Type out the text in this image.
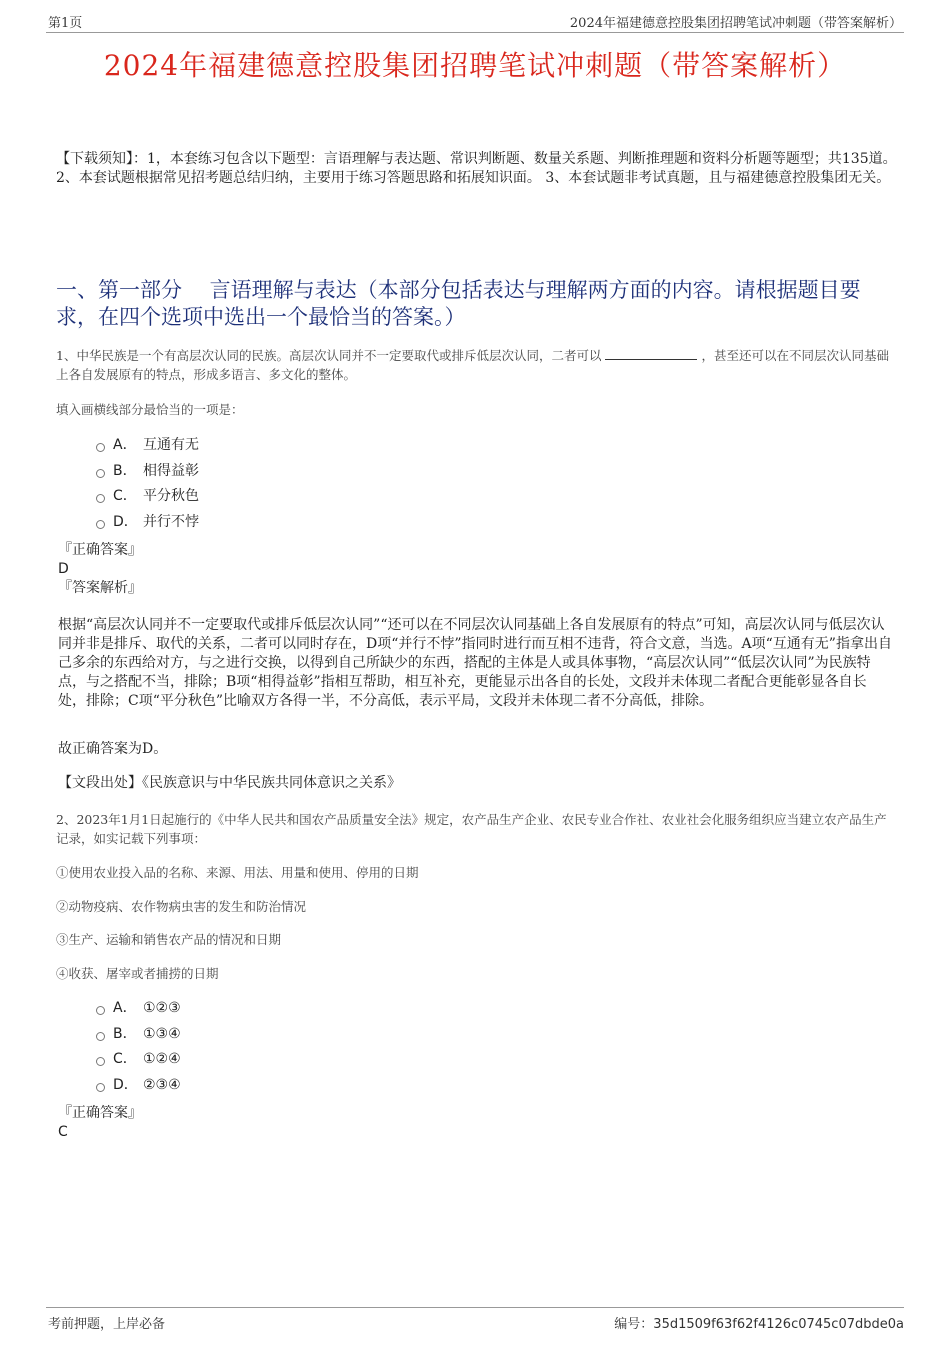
第1页	2024年福建德意控股集团招聘笔试冲刺题（带答案解析）
2024年福建德意控股集团招聘笔试冲刺题（带答案解析）
【下载须知】：1，本套练习包含以下题型：言语理解与表达题、常识判断题、数量关系题、判断推理题和资料分析题等题型；共135道。 2、本套试题根据常见招考题总结归纳，主要用于练习答题思路和拓展知识面。 3、本套试题非考试真题，且与福建德意控股集团无关。
一、第一部分　 言语理解与表达（本部分包括表达与理解两方面的内容。请根据题目要求，在四个选项中选出一个最恰当的答案。）
1、中华民族是一个有高层次认同的民族。高层次认同并不一定要取代或排斥低层次认同，二者可以	，甚至还可以在不同层次认同基础上各自发展原有的特点，形成多语言、多文化的整体。
填入画横线部分最恰当的一项是：
A． 互通有无
B． 相得益彰
C． 平分秋色
D． 并行不悖
『正确答案』
D
『答案解析』

根据“高层次认同并不一定要取代或排斥低层次认同”“还可以在不同层次认同基础上各自发展原有的特点”可知，高层次认同与低层次认同并非是排斥、取代的关系，二者可以同时存在，D项“并行不悖”指同时进行而互相不违背，符合文意，当选。A项“互通有无”指拿出自己多余的东西给对方，与之进行交换，以得到自己所缺少的东西，搭配的主体是人或具体事物，“高层次认同”“低层次认同”为民族特点，与之搭配不当，排除；B项“相得益彰”指相互帮助，相互补充，更能显示出各自的长处，文段并未体现二者配合更能彰显各自长处，排除；C项“平分秋色”比喻双方各得一半，不分高低，表示平局，文段并未体现二者不分高低，排除。

故正确答案为D。
【文段出处】《民族意识与中华民族共同体意识之关系》
2、2023年1月1日起施行的《中华人民共和国农产品质量安全法》规定，农产品生产企业、农民专业合作社、农业社会化服务组织应当建立农产品生产记录，如实记载下列事项：
①使用农业投入品的名称、来源、用法、用量和使用、停用的日期
②动物疫病、农作物病虫害的发生和防治情况
③生产、运输和销售农产品的情况和日期
④收获、屠宰或者捕捞的日期
A． ①②③
B． ①③④
C． ①②④
D． ②③④
『正确答案』
C
考前押题，上岸必备	编号：35d1509f63f62f4126c0745c07dbde0a
